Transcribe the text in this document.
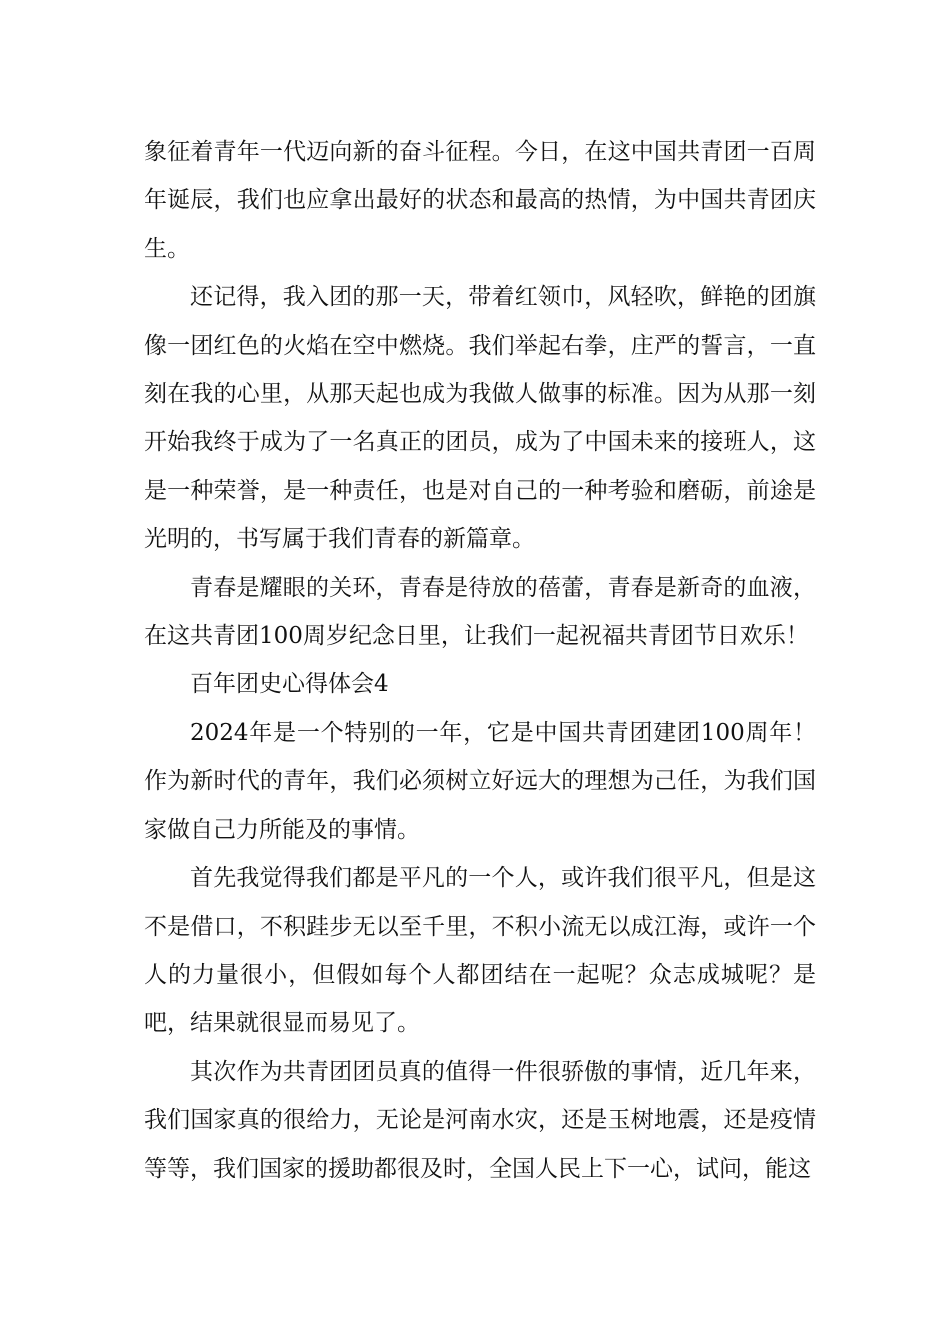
象征着青年一代迈向新的奋斗征程。今日，在这中国共青团一百周年诞辰，我们也应拿出最好的状态和最高的热情，为中国共青团庆生。

还记得，我入团的那一天，带着红领巾，风轻吹，鲜艳的团旗像一团红色的火焰在空中燃烧。我们举起右拳，庄严的誓言，一直刻在我的心里，从那天起也成为我做人做事的标准。因为从那一刻开始我终于成为了一名真正的团员，成为了中国未来的接班人，这是一种荣誉，是一种责任，也是对自己的一种考验和磨砺，前途是光明的，书写属于我们青春的新篇章。

青春是耀眼的关环，青春是待放的蓓蕾，青春是新奇的血液，在这共青团100周岁纪念日里，让我们一起祝福共青团节日欢乐！

百年团史心得体会4

2024年是一个特别的一年，它是中国共青团建团100周年！作为新时代的青年，我们必须树立好远大的理想为己任，为我们国家做自己力所能及的事情。

首先我觉得我们都是平凡的一个人，或许我们很平凡，但是这不是借口，不积跬步无以至千里，不积小流无以成江海，或许一个人的力量很小，但假如每个人都团结在一起呢？众志成城呢？是吧，结果就很显而易见了。

其次作为共青团团员真的值得一件很骄傲的事情，近几年来，我们国家真的很给力，无论是河南水灾，还是玉树地震，还是疫情等等，我们国家的援助都很及时，全国人民上下一心，试问，能这
